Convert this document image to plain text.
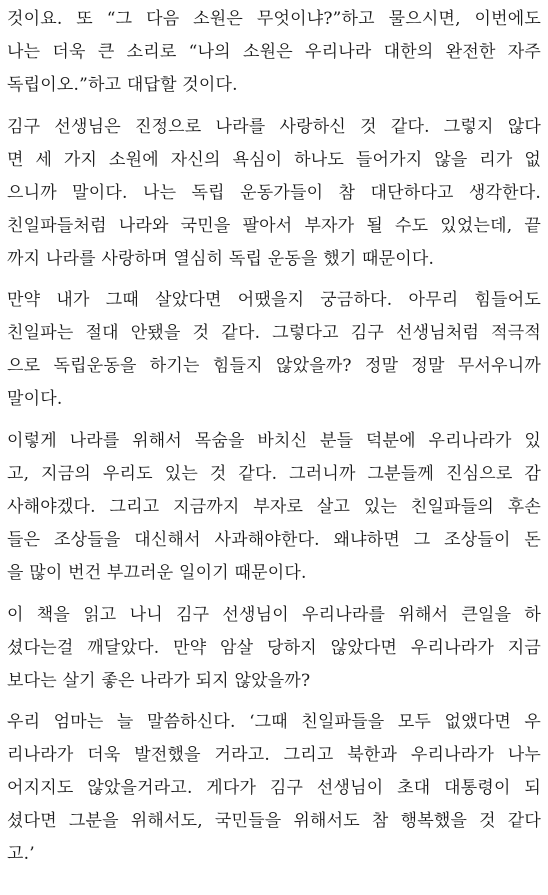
것이요. 또 “그 다음 소원은 무엇이냐?”하고 물으시면, 이번에도
나는 더욱 큰 소리로 “나의 소원은 우리나라 대한의 완전한 자주
독립이오.”하고 대답할 것이다.
김구 선생님은 진정으로 나라를 사랑하신 것 같다. 그렇지 않다
면 세 가지 소원에 자신의 욕심이 하나도 들어가지 않을 리가 없
으니까 말이다. 나는 독립 운동가들이 참 대단하다고 생각한다.
친일파들처럼 나라와 국민을 팔아서 부자가 될 수도 있었는데, 끝
까지 나라를 사랑하며 열심히 독립 운동을 했기 때문이다.
만약 내가 그때 살았다면 어땠을지 궁금하다. 아무리 힘들어도
친일파는 절대 안됐을 것 같다. 그렇다고 김구 선생님처럼 적극적
으로 독립운동을 하기는 힘들지 않았을까? 정말 정말 무서우니까
말이다.
이렇게 나라를 위해서 목숨을 바치신 분들 덕분에 우리나라가 있
고, 지금의 우리도 있는 것 같다. 그러니까 그분들께 진심으로 감
사해야겠다. 그리고 지금까지 부자로 살고 있는 친일파들의 후손
들은 조상들을 대신해서 사과해야한다. 왜냐하면 그 조상들이 돈
을 많이 번건 부끄러운 일이기 때문이다.
이 책을 읽고 나니 김구 선생님이 우리나라를 위해서 큰일을 하
셨다는걸 깨달았다. 만약 암살 당하지 않았다면 우리나라가 지금
보다는 살기 좋은 나라가 되지 않았을까?
우리 엄마는 늘 말씀하신다. ‘그때 친일파들을 모두 없앴다면 우
리나라가 더욱 발전했을 거라고. 그리고 북한과 우리나라가 나누
어지지도 않았을거라고. 게다가 김구 선생님이 초대 대통령이 되
셨다면 그분을 위해서도, 국민들을 위해서도 참 행복했을 것 같다
고.’
